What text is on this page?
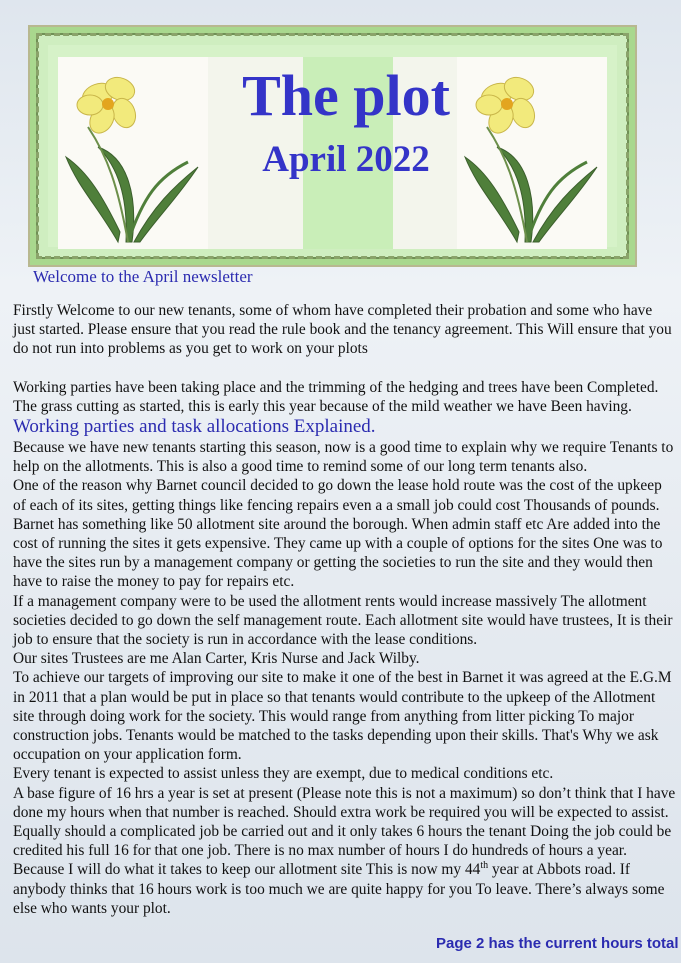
The plot
April 2022
Welcome to the April newsletter

Firstly Welcome to our new tenants, some of whom have completed their probation and some who have just started. Please ensure that you read the rule book and the tenancy agreement. This Will ensure that you do not run into problems as you get to work on your plots

Working parties have been taking place and the trimming of the hedging and trees have been Completed. The grass cutting as started, this is early this year because of the mild weather we have Been having.

Working parties and task allocations Explained.

Because we have new tenants starting this season, now is a good time to explain why we require Tenants to help on the allotments. This is also a good time to remind some of our long term tenants also.

One of the reason why Barnet council decided to go down the lease hold route was the cost of the upkeep of each of its sites, getting things like fencing repairs even a a small job could cost Thousands of pounds. Barnet has something like 50 allotment site around the borough. When admin staff etc Are added into the cost of running the sites it gets expensive. They came up with a couple of options for the sites One was to have the sites run by a management company or getting the societies to run the site and they would then have to raise the money to pay for repairs etc.

If a management company were to be used the allotment rents would increase massively The allotment societies decided to go down the self management route. Each allotment site would have trustees, It is their job to ensure that the society is run in accordance with the lease conditions.

Our sites Trustees are me Alan Carter, Kris Nurse and Jack Wilby.

To achieve our targets of improving our site to make it one of the best in Barnet it was agreed at the E.G.M in 2011 that a plan would be put in place so that tenants would contribute to the upkeep of the Allotment site through doing work for the society. This would range from anything from litter picking To major construction jobs. Tenants would be matched to the tasks depending upon their skills. That's Why we ask occupation on your application form.

Every tenant is expected to assist unless they are exempt, due to medical conditions etc.

A base figure of 16 hrs a year is set at present (Please note this is not a maximum) so don’t think that I have done my hours when that number is reached. Should extra work be required you will be expected to assist. Equally should a complicated job be carried out and it only takes 6 hours the tenant Doing the job could be credited his full 16 for that one job. There is no max number of hours I do hundreds of hours a year. Because I will do what it takes to keep our allotment site This is now my 44th year at Abbots road. If anybody thinks that 16 hours work is too much we are quite happy for you To leave. There’s always some else who wants your plot.

Page 2 has the current hours total
